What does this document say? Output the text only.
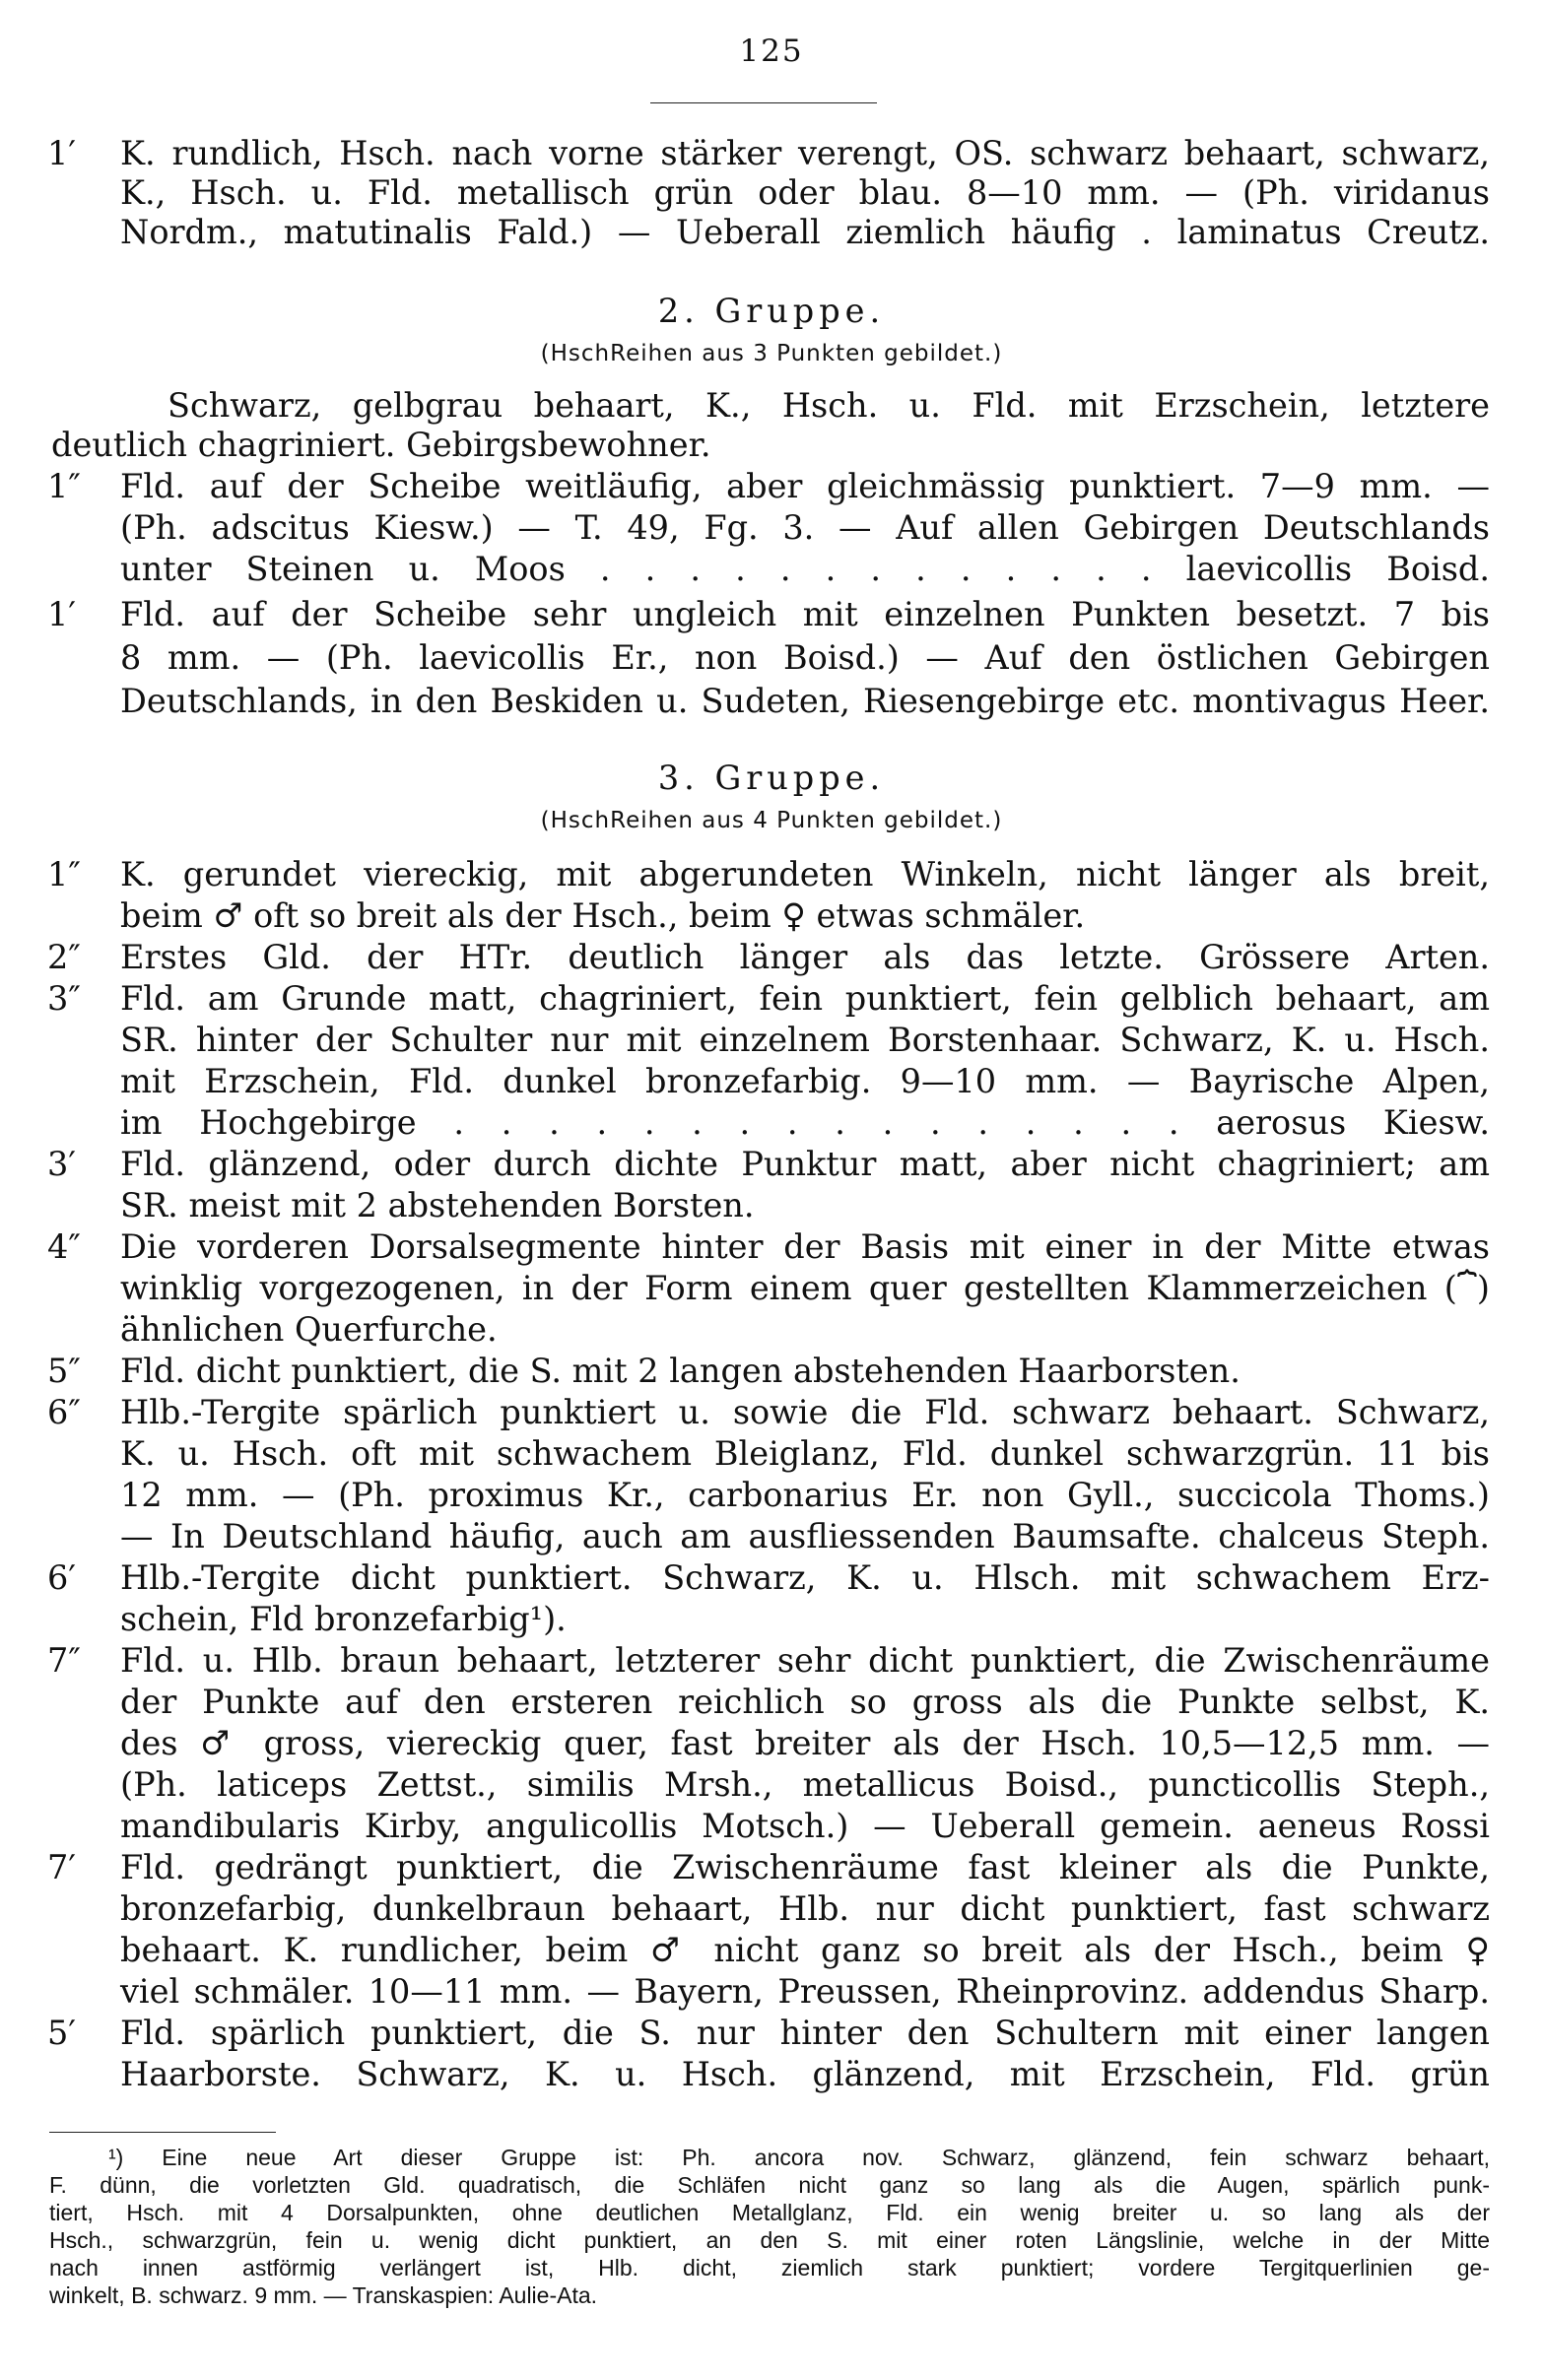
125
1′	K. rundlich, Hsch. nach vorne stärker verengt, OS. schwarz behaart, schwarz,
K., Hsch. u. Fld. metallisch grün oder blau. 8—10 mm. — (Ph. viridanus
Nordm., matutinalis Fald.) — Ueberall ziemlich häufig . laminatus Creutz.
2. Gruppe.
(HschReihen aus 3 Punkten gebildet.)
Schwarz, gelbgrau behaart, K., Hsch. u. Fld. mit Erzschein, letztere
deutlich chagriniert. Gebirgsbewohner.
1″	Fld. auf der Scheibe weitläufig, aber gleichmässig punktiert. 7—9 mm. —
(Ph. adscitus Kiesw.) — T. 49, Fg. 3. — Auf allen Gebirgen Deutschlands
unter Steinen u. Moos . . . . . . . . . . . . . laevicollis Boisd.
1′	Fld. auf der Scheibe sehr ungleich mit einzelnen Punkten besetzt. 7 bis
8 mm. — (Ph. laevicollis Er., non Boisd.) — Auf den östlichen Gebirgen
Deutschlands, in den Beskiden u. Sudeten, Riesengebirge etc. montivagus Heer.
3. Gruppe.
(HschReihen aus 4 Punkten gebildet.)
1″	K. gerundet viereckig, mit abgerundeten Winkeln, nicht länger als breit,
beim ♂ oft so breit als der Hsch., beim ♀ etwas schmäler.
2″	Erstes Gld. der HTr. deutlich länger als das letzte. Grössere Arten.
3″	Fld. am Grunde matt, chagriniert, fein punktiert, fein gelblich behaart, am
SR. hinter der Schulter nur mit einzelnem Borstenhaar. Schwarz, K. u. Hsch.
mit Erzschein, Fld. dunkel bronzefarbig. 9—10 mm. — Bayrische Alpen,
im Hochgebirge . . . . . . . . . . . . . . . . aerosus Kiesw.
3′	Fld. glänzend, oder durch dichte Punktur matt, aber nicht chagriniert; am
SR. meist mit 2 abstehenden Borsten.
4″	Die vorderen Dorsalsegmente hinter der Basis mit einer in der Mitte etwas
winklig vorgezogenen, in der Form einem quer gestellten Klammerzeichen (⏞)
ähnlichen Querfurche.
5″	Fld. dicht punktiert, die S. mit 2 langen abstehenden Haarborsten.
6″	Hlb.-Tergite spärlich punktiert u. sowie die Fld. schwarz behaart. Schwarz,
K. u. Hsch. oft mit schwachem Bleiglanz, Fld. dunkel schwarzgrün. 11 bis
12 mm. — (Ph. proximus Kr., carbonarius Er. non Gyll., succicola Thoms.)
— In Deutschland häufig, auch am ausfliessenden Baumsafte. chalceus Steph.
6′	Hlb.-Tergite dicht punktiert. Schwarz, K. u. Hlsch. mit schwachem Erz-
schein, Fld bronzefarbig¹).
7″	Fld. u. Hlb. braun behaart, letzterer sehr dicht punktiert, die Zwischenräume
der Punkte auf den ersteren reichlich so gross als die Punkte selbst, K.
des ♂ gross, viereckig quer, fast breiter als der Hsch. 10,5—12,5 mm. —
(Ph. laticeps Zettst., similis Mrsh., metallicus Boisd., puncticollis Steph.,
mandibularis Kirby, angulicollis Motsch.) — Ueberall gemein. aeneus Rossi
7′	Fld. gedrängt punktiert, die Zwischenräume fast kleiner als die Punkte,
bronzefarbig, dunkelbraun behaart, Hlb. nur dicht punktiert, fast schwarz
behaart. K. rundlicher, beim ♂ nicht ganz so breit als der Hsch., beim ♀
viel schmäler. 10—11 mm. — Bayern, Preussen, Rheinprovinz. addendus Sharp.
5′	Fld. spärlich punktiert, die S. nur hinter den Schultern mit einer langen
Haarborste. Schwarz, K. u. Hsch. glänzend, mit Erzschein, Fld. grün
¹) Eine neue Art dieser Gruppe ist: Ph. ancora nov. Schwarz, glänzend, fein schwarz behaart,
F. dünn, die vorletzten Gld. quadratisch, die Schläfen nicht ganz so lang als die Augen, spärlich punk-
tiert, Hsch. mit 4 Dorsalpunkten, ohne deutlichen Metallglanz, Fld. ein wenig breiter u. so lang als der
Hsch., schwarzgrün, fein u. wenig dicht punktiert, an den S. mit einer roten Längslinie, welche in der Mitte
nach innen astförmig verlängert ist, Hlb. dicht, ziemlich stark punktiert; vordere Tergitquerlinien ge-
winkelt, B. schwarz. 9 mm. — Transkaspien: Aulie-Ata.
